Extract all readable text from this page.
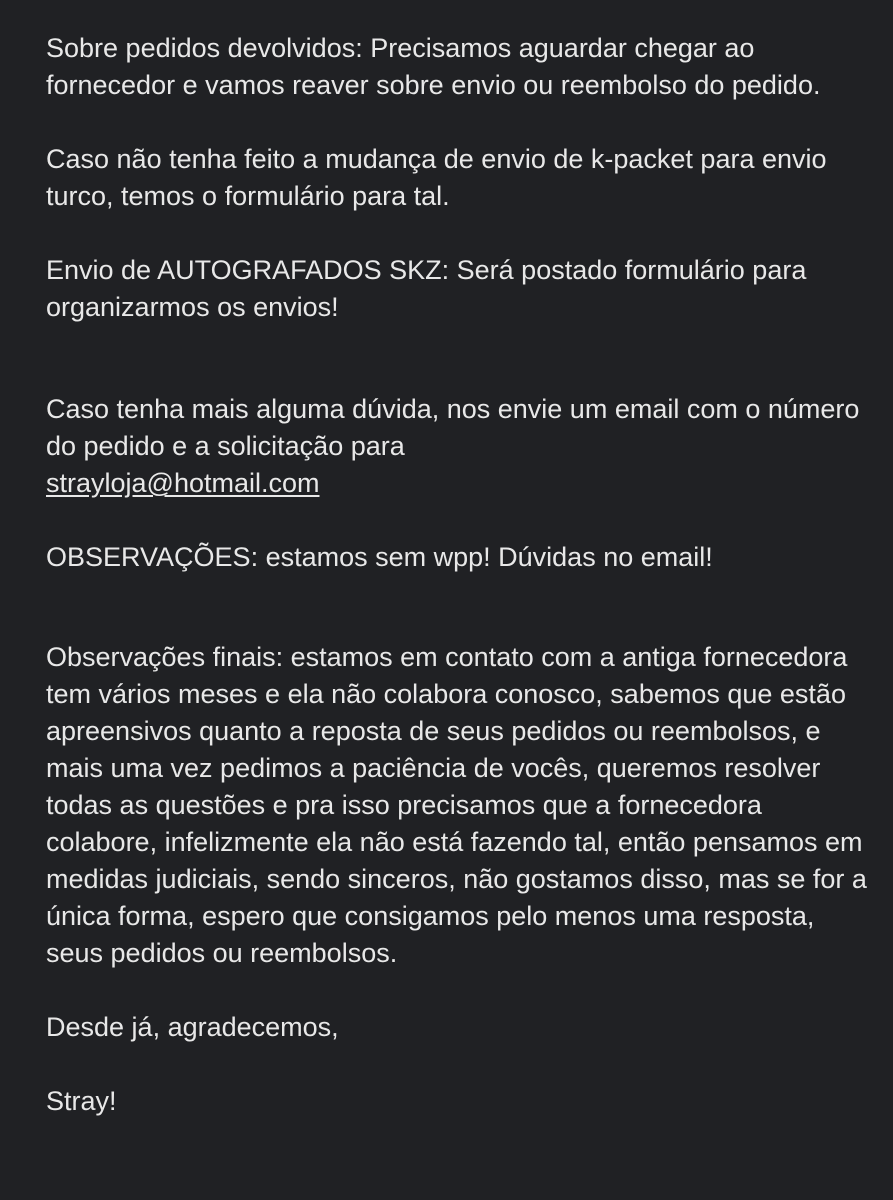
Sobre pedidos devolvidos: Precisamos aguardar chegar ao fornecedor e vamos reaver sobre envio ou reembolso do pedido.

Caso não tenha feito a mudança de envio de k-packet para envio turco, temos o formulário para tal.

Envio de AUTOGRAFADOS SKZ: Será postado formulário para organizarmos os envios!

Caso tenha mais alguma dúvida, nos envie um email com o número do pedido e a solicitação para
strayloja@hotmail.com

OBSERVAÇÕES: estamos sem wpp! Dúvidas no email!

Observações finais: estamos em contato com a antiga fornecedora tem vários meses e ela não colabora conosco, sabemos que estão apreensivos quanto a reposta de seus pedidos ou reembolsos, e mais uma vez pedimos a paciência de vocês, queremos resolver todas as questões e pra isso precisamos que a fornecedora colabore, infelizmente ela não está fazendo tal, então pensamos em medidas judiciais, sendo sinceros, não gostamos disso, mas se for a única forma, espero que consigamos pelo menos uma resposta, seus pedidos ou reembolsos.

Desde já, agradecemos,

Stray!
